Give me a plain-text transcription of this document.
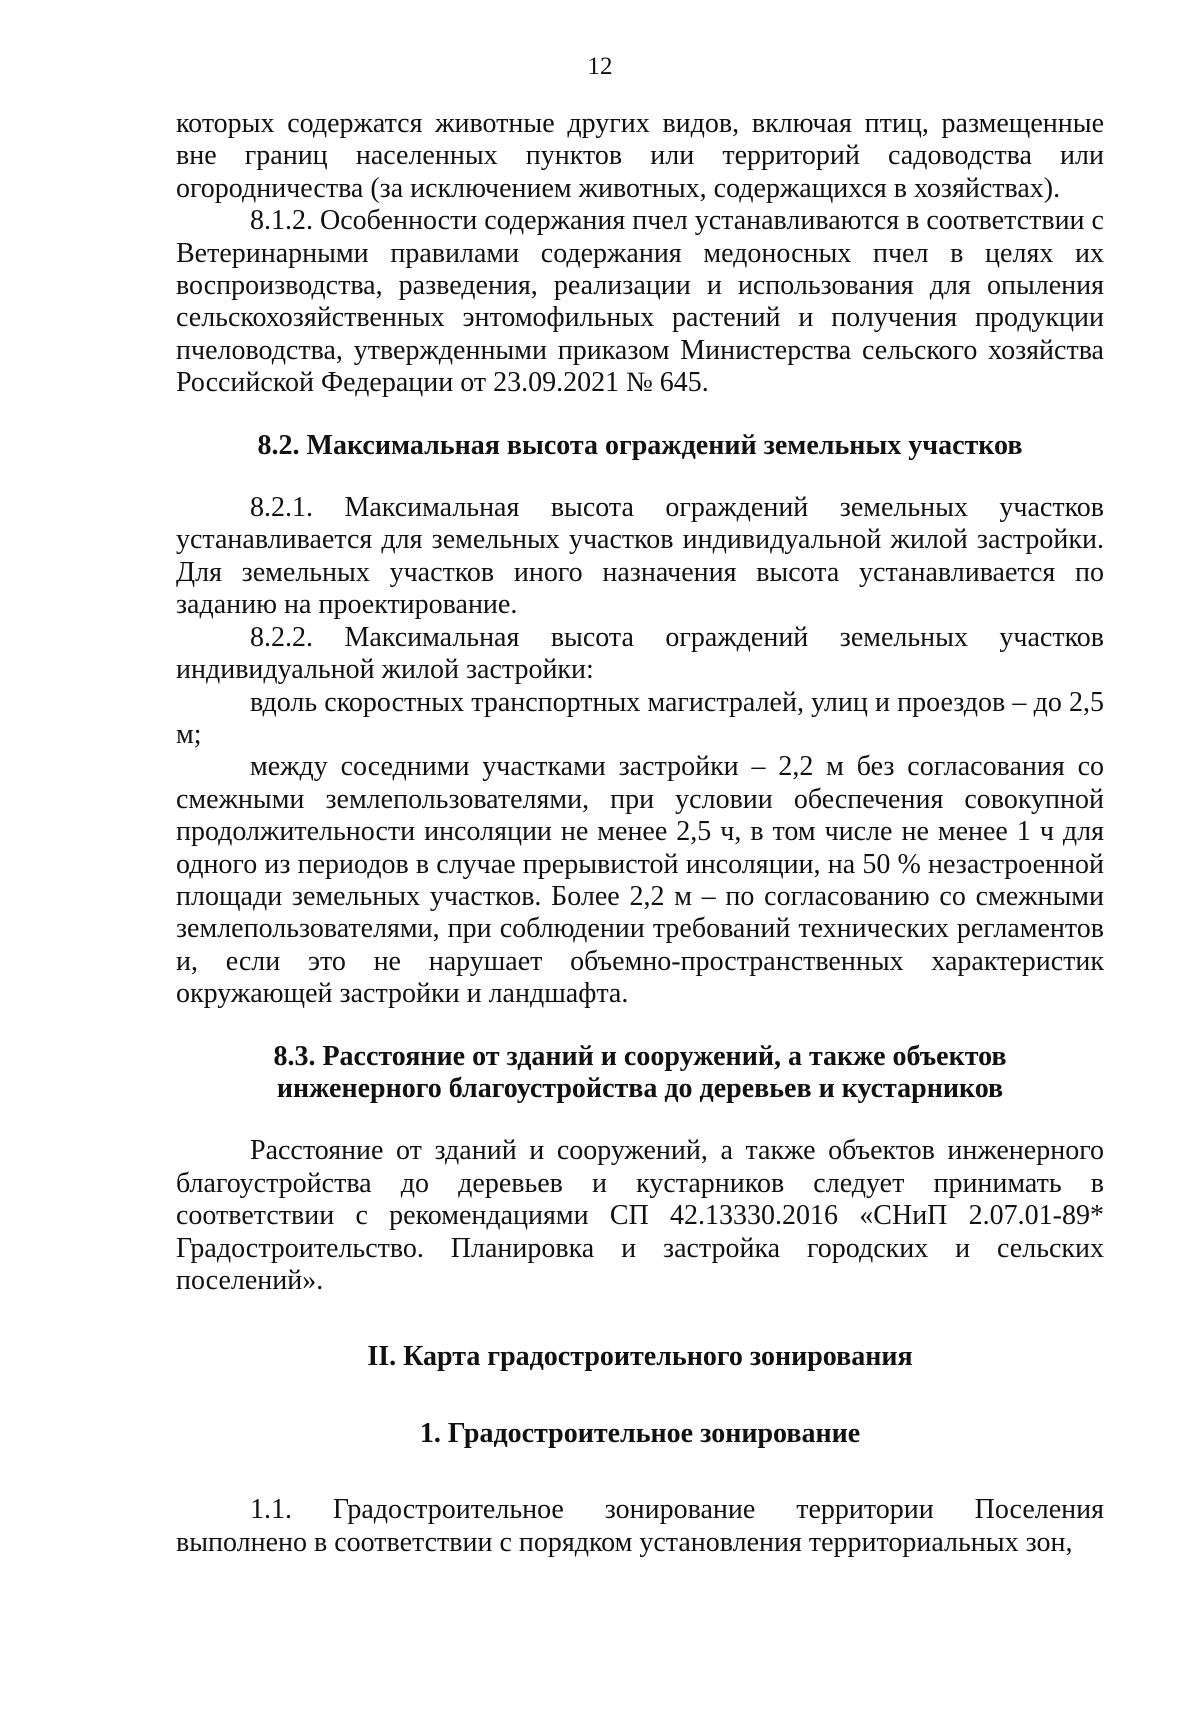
12

которых содержатся животные других видов, включая птиц, размещенные вне границ населенных пунктов или территорий садоводства или огородничества (за исключением животных, содержащихся в хозяйствах).

8.1.2. Особенности содержания пчел устанавливаются в соответствии с Ветеринарными правилами содержания медоносных пчел в целях их воспроизводства, разведения, реализации и использования для опыления сельскохозяйственных энтомофильных растений и получения продукции пчеловодства, утвержденными приказом Министерства сельского хозяйства Российской Федерации от 23.09.2021 № 645.

8.2. Максимальная высота ограждений земельных участков

8.2.1. Максимальная высота ограждений земельных участков устанавливается для земельных участков индивидуальной жилой застройки. Для земельных участков иного назначения высота устанавливается по заданию на проектирование.

8.2.2. Максимальная высота ограждений земельных участков индивидуальной жилой застройки:

вдоль скоростных транспортных магистралей, улиц и проездов – до 2,5 м;

между соседними участками застройки – 2,2 м без согласования со смежными землепользователями, при условии обеспечения совокупной продолжительности инсоляции не менее 2,5 ч, в том числе не менее 1 ч для одного из периодов в случае прерывистой инсоляции, на 50 % незастроенной площади земельных участков. Более 2,2 м – по согласованию со смежными землепользователями, при соблюдении требований технических регламентов и, если это не нарушает объемно-пространственных характеристик окружающей застройки и ландшафта.

8.3. Расстояние от зданий и сооружений, а также объектов
инженерного благоустройства до деревьев и кустарников

Расстояние от зданий и сооружений, а также объектов инженерного благоустройства до деревьев и кустарников следует принимать в соответствии с рекомендациями СП 42.13330.2016 «СНиП 2.07.01-89* Градостроительство. Планировка и застройка городских и сельских поселений».

II. Карта градостроительного зонирования
1. Градостроительное зонирование

1.1. Градостроительное зонирование территории Поселения выполнено в соответствии с порядком установления территориальных зон,
